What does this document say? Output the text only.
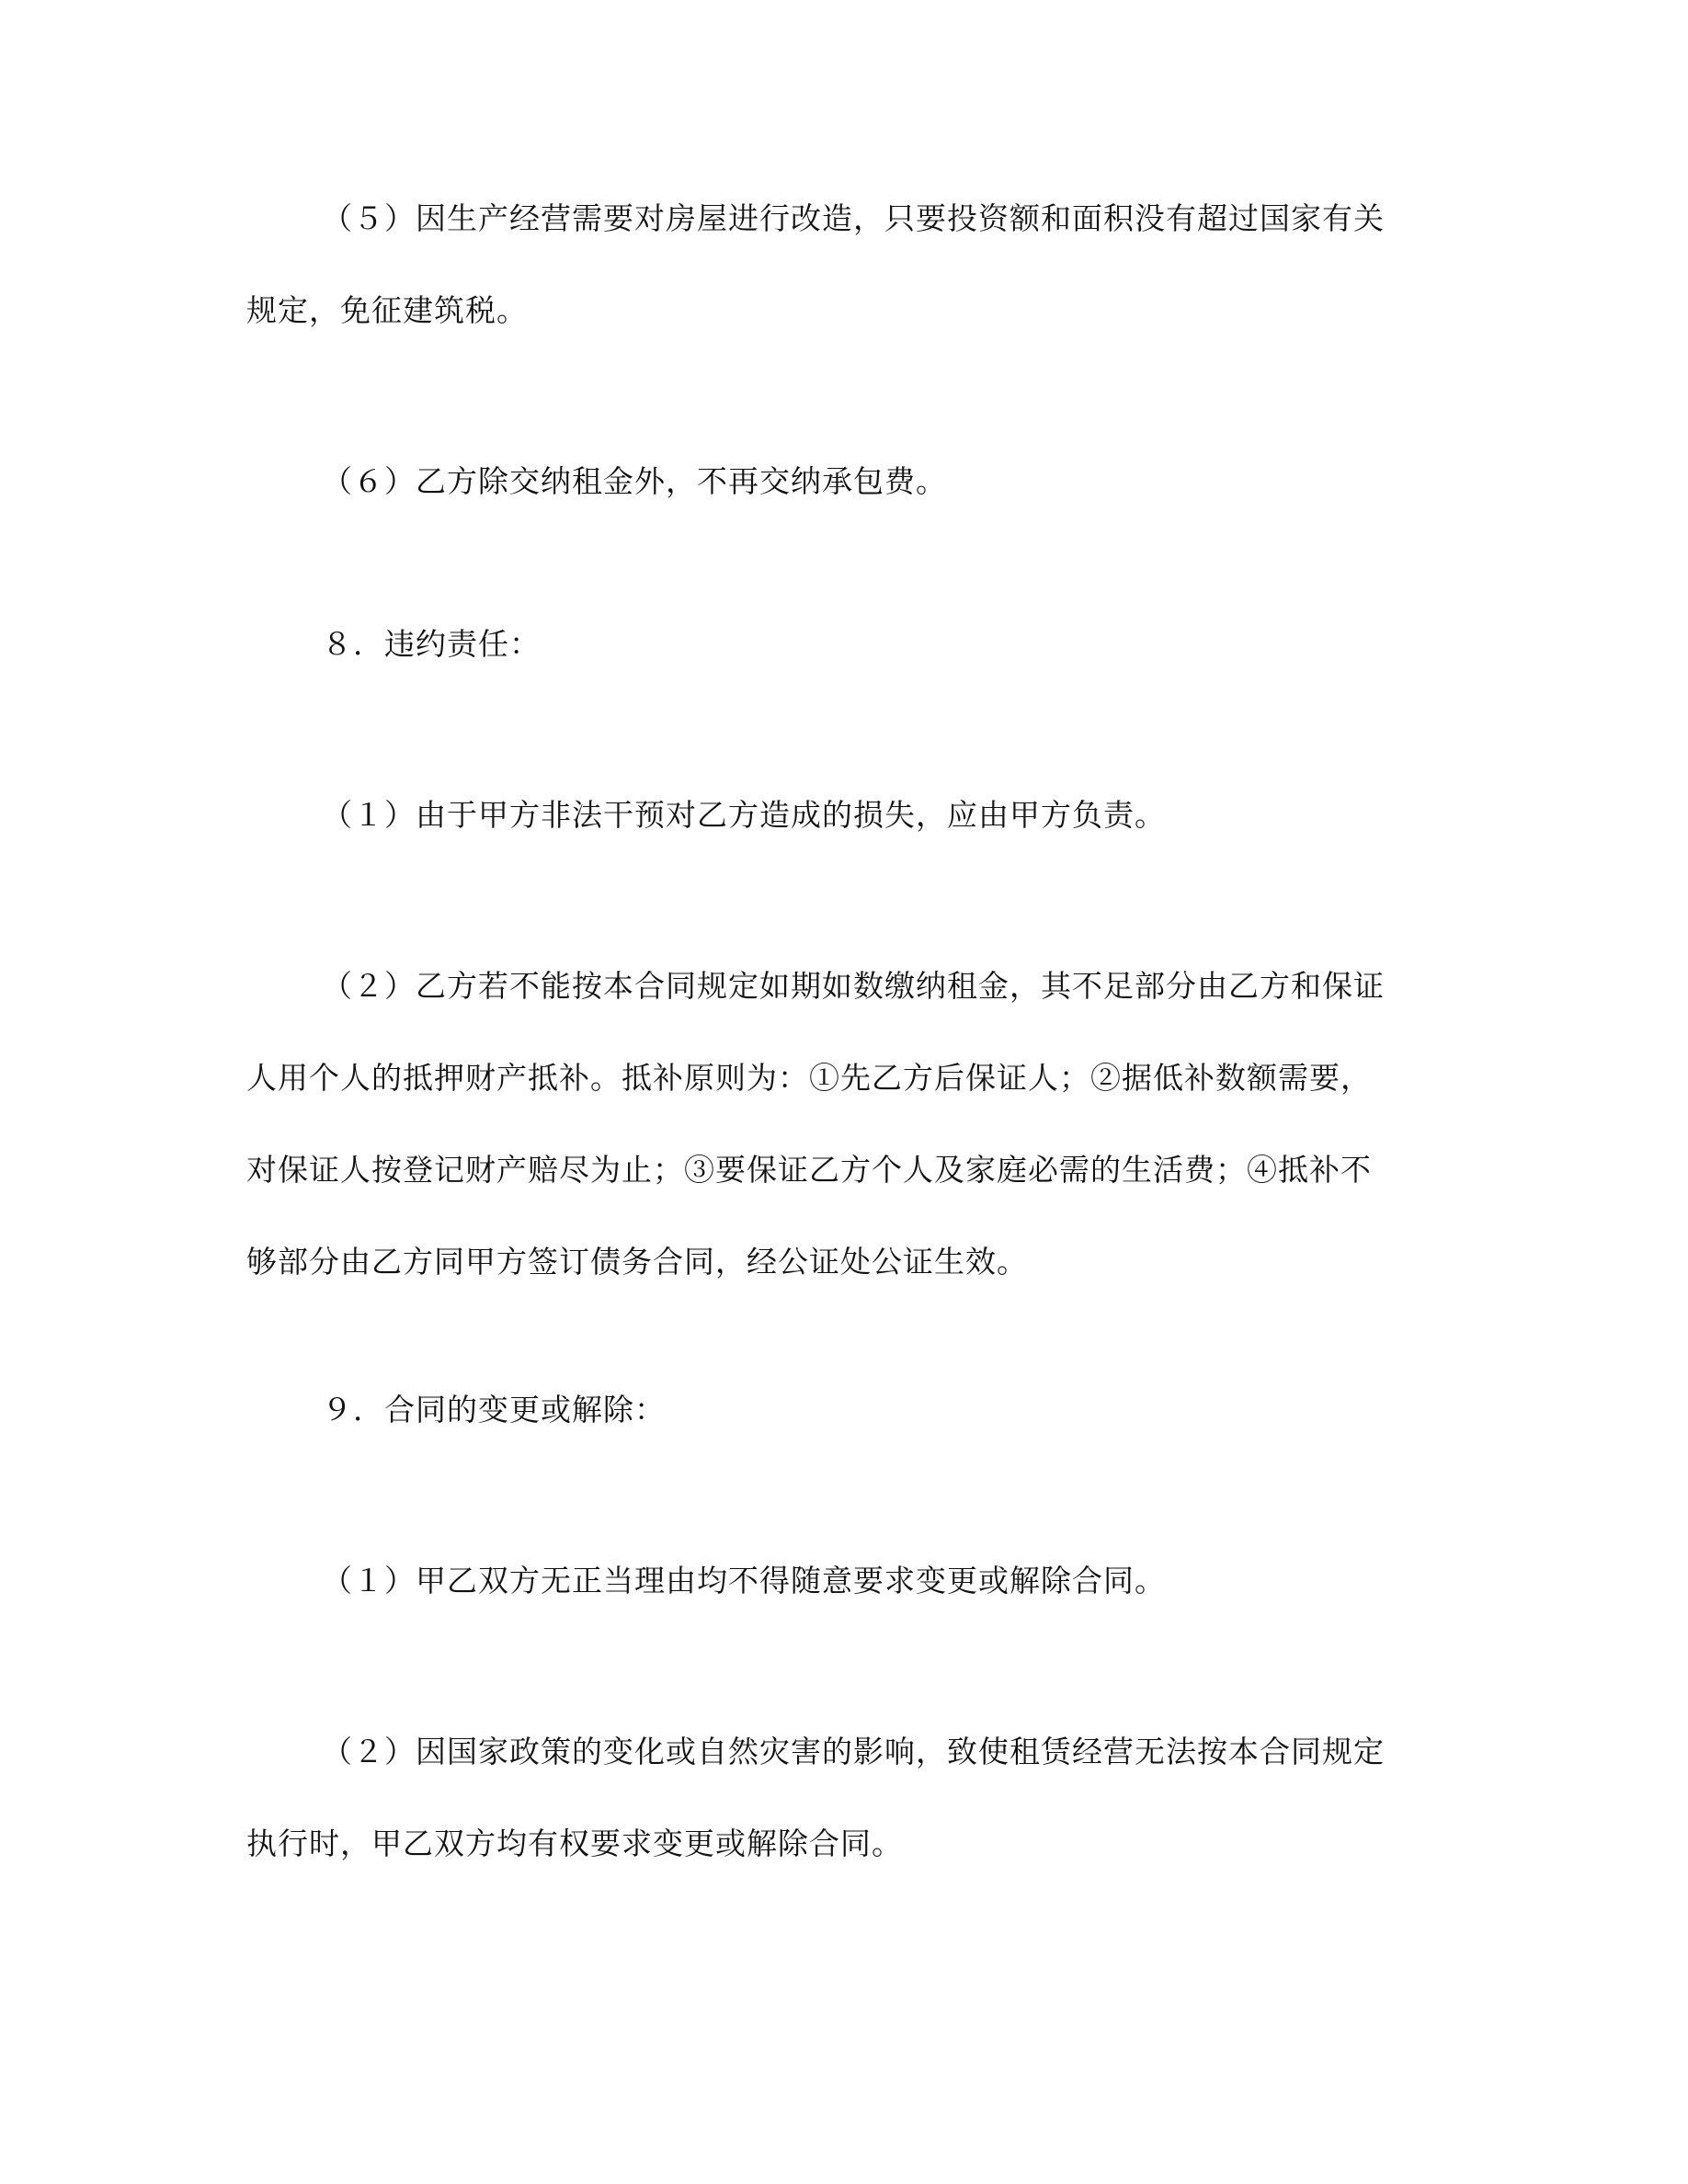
（５）因生产经营需要对房屋进行改造，只要投资额和面积没有超过国家有关
规定，免征建筑税。

（６）乙方除交纳租金外，不再交纳承包费。

８．违约责任：

（１）由于甲方非法干预对乙方造成的损失，应由甲方负责。

（２）乙方若不能按本合同规定如期如数缴纳租金，其不足部分由乙方和保证
人用个人的抵押财产抵补。抵补原则为：①先乙方后保证人；②据低补数额需要，
对保证人按登记财产赔尽为止；③要保证乙方个人及家庭必需的生活费；④抵补不
够部分由乙方同甲方签订债务合同，经公证处公证生效。

９．合同的变更或解除：

（１）甲乙双方无正当理由均不得随意要求变更或解除合同。

（２）因国家政策的变化或自然灾害的影响，致使租赁经营无法按本合同规定
执行时，甲乙双方均有权要求变更或解除合同。
